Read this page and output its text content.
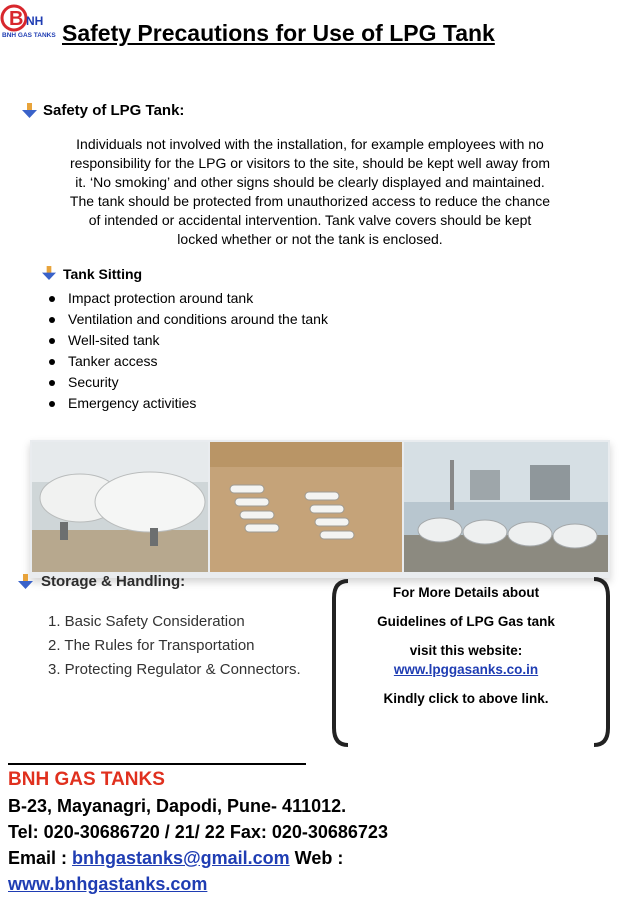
B NH
BNH GAS TANKS Safety Precautions for Use of LPG Tank
Safety of LPG Tank:
Individuals not involved with the installation, for example employees with no
responsibility for the LPG or visitors to the site, should be kept well away from
it. ‘No smoking’ and other signs should be clearly displayed and maintained.
The tank should be protected from unauthorized access to reduce the chance
of intended or accidental intervention. Tank valve covers should be kept
locked whether or not the tank is enclosed.
Tank Sitting
Impact protection around tank
Ventilation and conditions around the tank
Well-sited tank
Tanker access
Security
Emergency activities
Storage & Handling:
1. Basic Safety Consideration
2. The Rules for Transportation
3. Protecting Regulator & Connectors.
For More Details about
Guidelines of LPG Gas tank
visit this website:
www.lpggasanks.co.in
Kindly click to above link.
BNH GAS TANKS
B-23, Mayanagri, Dapodi, Pune- 411012.
Tel: 020-30686720 / 21/ 22 Fax: 020-30686723
Email : bnhgastanks@gmail.com Web :
www.bnhgastanks.com
